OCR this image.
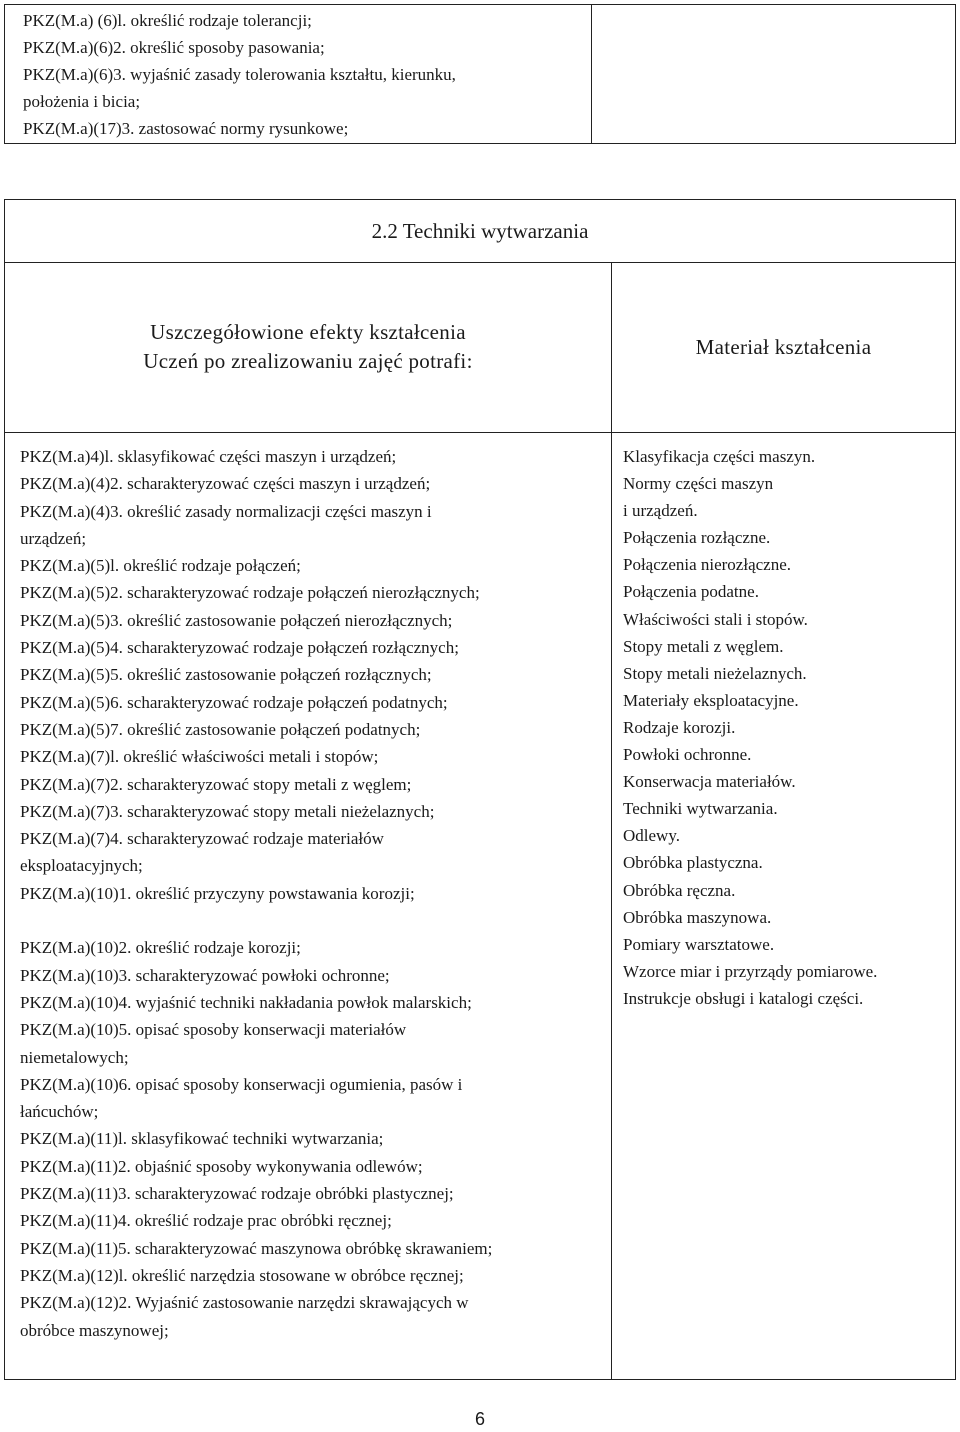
PKZ(M.a) (6)l. określić rodzaje tolerancji;
PKZ(M.a)(6)2. określić sposoby pasowania;
PKZ(M.a)(6)3. wyjaśnić zasady tolerowania kształtu, kierunku,
położenia i bicia;
PKZ(M.a)(17)3. zastosować normy rysunkowe;
2.2 Techniki wytwarzania
Uszczegółowione efekty kształcenia
Uczeń po zrealizowaniu zajęć potrafi:
Materiał kształcenia
PKZ(M.a)4)l. sklasyfikować części maszyn i urządzeń;
PKZ(M.a)(4)2. scharakteryzować części maszyn i urządzeń;
PKZ(M.a)(4)3. określić zasady normalizacji części maszyn i
urządzeń;
PKZ(M.a)(5)l. określić rodzaje połączeń;
PKZ(M.a)(5)2. scharakteryzować rodzaje połączeń nierozłącznych;
PKZ(M.a)(5)3. określić zastosowanie połączeń nierozłącznych;
PKZ(M.a)(5)4. scharakteryzować rodzaje połączeń rozłącznych;
PKZ(M.a)(5)5. określić zastosowanie połączeń rozłącznych;
PKZ(M.a)(5)6. scharakteryzować rodzaje połączeń podatnych;
PKZ(M.a)(5)7. określić zastosowanie połączeń podatnych;
PKZ(M.a)(7)l. określić właściwości metali i stopów;
PKZ(M.a)(7)2. scharakteryzować stopy metali z węglem;
PKZ(M.a)(7)3. scharakteryzować stopy metali nieżelaznych;
PKZ(M.a)(7)4. scharakteryzować rodzaje materiałów
eksploatacyjnych;
PKZ(M.a)(10)1. określić przyczyny powstawania korozji;
PKZ(M.a)(10)2. określić rodzaje korozji;
PKZ(M.a)(10)3. scharakteryzować powłoki ochronne;
PKZ(M.a)(10)4. wyjaśnić techniki nakładania powłok malarskich;
PKZ(M.a)(10)5. opisać sposoby konserwacji materiałów
niemetalowych;
PKZ(M.a)(10)6. opisać sposoby konserwacji ogumienia, pasów i
łańcuchów;
PKZ(M.a)(11)l. sklasyfikować techniki wytwarzania;
PKZ(M.a)(11)2. objaśnić sposoby wykonywania odlewów;
PKZ(M.a)(11)3. scharakteryzować rodzaje obróbki plastycznej;
PKZ(M.a)(11)4. określić rodzaje prac obróbki ręcznej;
PKZ(M.a)(11)5. scharakteryzować maszynowa obróbkę skrawaniem;
PKZ(M.a)(12)l. określić narzędzia stosowane w obróbce ręcznej;
PKZ(M.a)(12)2. Wyjaśnić zastosowanie narzędzi skrawających w
obróbce maszynowej;
Klasyfikacja części maszyn.
Normy części maszyn
i urządzeń.
Połączenia rozłączne.
Połączenia nierozłączne.
Połączenia podatne.
Właściwości stali i stopów.
Stopy metali z węglem.
Stopy metali nieżelaznych.
Materiały eksploatacyjne.
Rodzaje korozji.
Powłoki ochronne.
Konserwacja materiałów.
Techniki wytwarzania.
Odlewy.
Obróbka plastyczna.
Obróbka ręczna.
Obróbka maszynowa.
Pomiary warsztatowe.
Wzorce miar i przyrządy pomiarowe.
Instrukcje obsługi i katalogi części.
6
